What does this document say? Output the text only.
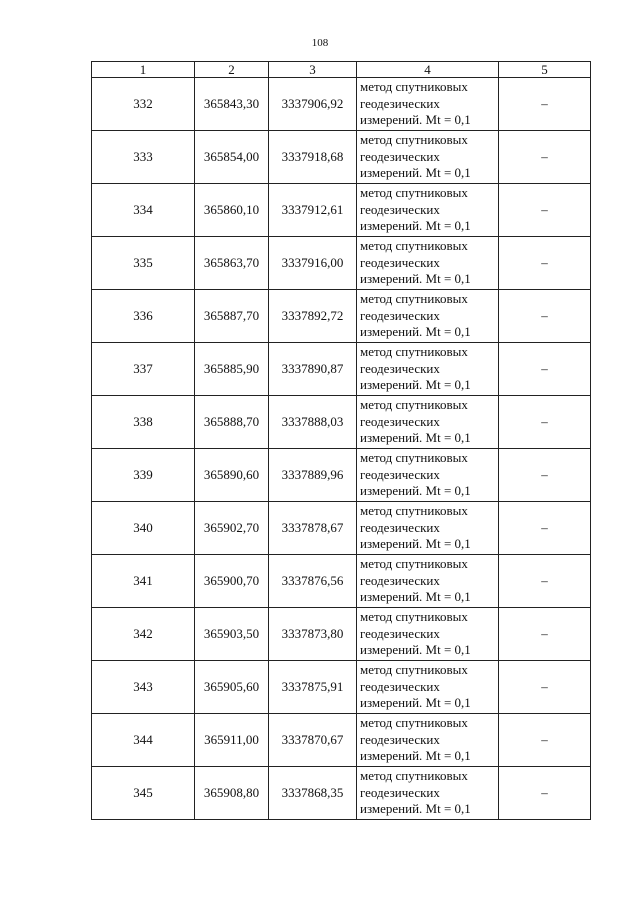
108
1	2	3	4	5
332	365843,30	3337906,92	метод спутниковых
геодезических
измерений. Mt = 0,1	–
333	365854,00	3337918,68	метод спутниковых
геодезических
измерений. Mt = 0,1	–
334	365860,10	3337912,61	метод спутниковых
геодезических
измерений. Mt = 0,1	–
335	365863,70	3337916,00	метод спутниковых
геодезических
измерений. Mt = 0,1	–
336	365887,70	3337892,72	метод спутниковых
геодезических
измерений. Mt = 0,1	–
337	365885,90	3337890,87	метод спутниковых
геодезических
измерений. Mt = 0,1	–
338	365888,70	3337888,03	метод спутниковых
геодезических
измерений. Mt = 0,1	–
339	365890,60	3337889,96	метод спутниковых
геодезических
измерений. Mt = 0,1	–
340	365902,70	3337878,67	метод спутниковых
геодезических
измерений. Mt = 0,1	–
341	365900,70	3337876,56	метод спутниковых
геодезических
измерений. Mt = 0,1	–
342	365903,50	3337873,80	метод спутниковых
геодезических
измерений. Mt = 0,1	–
343	365905,60	3337875,91	метод спутниковых
геодезических
измерений. Mt = 0,1	–
344	365911,00	3337870,67	метод спутниковых
геодезических
измерений. Mt = 0,1	–
345	365908,80	3337868,35	метод спутниковых
геодезических
измерений. Mt = 0,1	–
